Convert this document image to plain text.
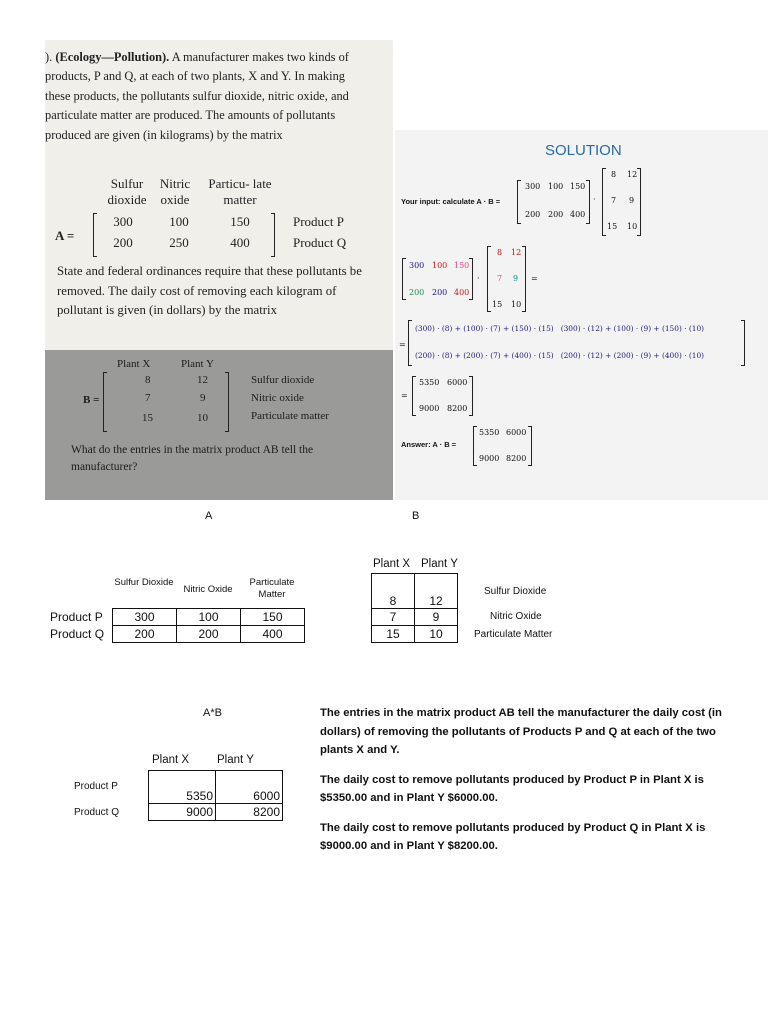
). (Ecology—Pollution). A manufacturer makes two kinds of products, P and Q, at each of two plants, X and Y. In making these products, the pollutants sulfur dioxide, nitric oxide, and particulate matter are produced. The amounts of pollutants produced are given (in kilograms) by the matrix
Sulfur dioxide
Nitric oxide
Particu- late matter
A =
300	100	150
200	250	400
Product P
Product Q
State and federal ordinances require that these pollutants be removed. The daily cost of removing each kilogram of pollutant is given (in dollars) by the matrix
Plant X	Plant Y
B =
8	12
7	9
15	10
Sulfur dioxide
Nitric oxide
Particulate matter
What do the entries in the matrix product AB tell the manufacturer?
SOLUTION
Your input: calculate A · B =
300 100 150
200 200 400
·
8 12
7 9
15 10
300 100 150
200 200 400
·
8 12
7 9
15 10
=
=
(300) · (8) + (100) · (7) + (150) · (15)   (300) · (12) + (100) · (9) + (150) · (10)
(200) · (8) + (200) · (7) + (400) · (15)   (200) · (12) + (200) · (9) + (400) · (10)
=
5350 6000
9000 8200
Answer: A · B =
5350 6000
9000 8200
A	B
Sulfur Dioxide
Nitric Oxide
Particulate Matter
Product P
Product Q
300	100	150
200	200	400
Plant X Plant Y
8	12
7	9
15	10
Sulfur Dioxide
Nitric Oxide
Particulate Matter
A*B
Plant X Plant Y
Product P
Product Q
5350	6000
9000	8200

The entries in the matrix product AB tell the manufacturer the daily cost (in dollars) of removing the pollutants of Products P and Q at each of the two plants X and Y.

The daily cost to remove pollutants produced by Product P in Plant X is $5350.00 and in Plant Y $6000.00.

The daily cost to remove pollutants produced by Product Q in Plant X is $9000.00 and in Plant Y $8200.00.
